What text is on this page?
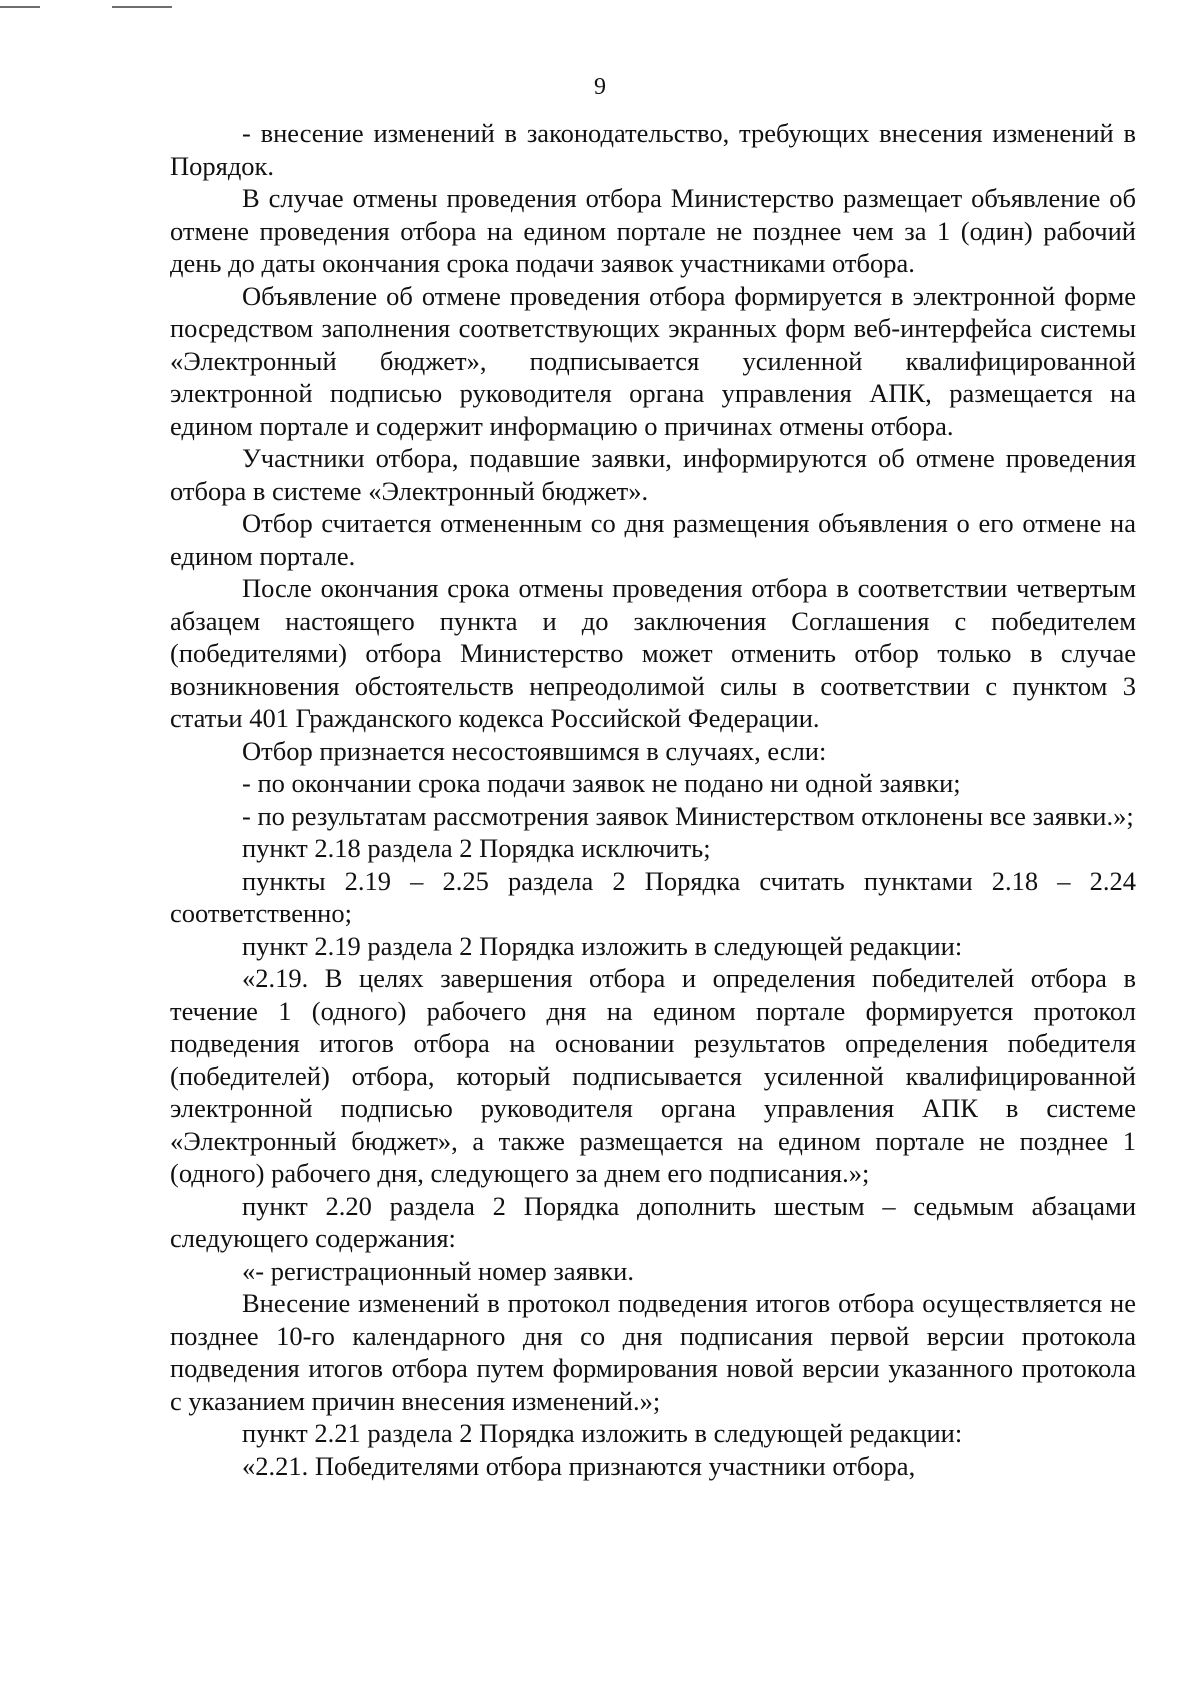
9

- внесение изменений в законодательство, требующих внесения изменений в Порядок.

В случае отмены проведения отбора Министерство размещает объявление об отмене проведения отбора на едином портале не позднее чем за 1 (один) рабочий день до даты окончания срока подачи заявок участниками отбора.

Объявление об отмене проведения отбора формируется в электронной форме посредством заполнения соответствующих экранных форм веб-интерфейса системы «Электронный бюджет», подписывается усиленной квалифицированной электронной подписью руководителя органа управления АПК, размещается на едином портале и содержит информацию о причинах отмены отбора.

Участники отбора, подавшие заявки, информируются об отмене проведения отбора в системе «Электронный бюджет».

Отбор считается отмененным со дня размещения объявления о его отмене на едином портале.

После окончания срока отмены проведения отбора в соответствии четвертым абзацем настоящего пункта и до заключения Соглашения с победителем (победителями) отбора Министерство может отменить отбор только в случае возникновения обстоятельств непреодолимой силы в соответствии с пунктом 3 статьи 401 Гражданского кодекса Российской Федерации.

Отбор признается несостоявшимся в случаях, если:

- по окончании срока подачи заявок не подано ни одной заявки;

- по результатам рассмотрения заявок Министерством отклонены все заявки.»;

пункт 2.18 раздела 2 Порядка исключить;

пункты 2.19 – 2.25 раздела 2 Порядка считать пунктами 2.18 – 2.24 соответственно;

пункт 2.19 раздела 2 Порядка изложить в следующей редакции:

«2.19. В целях завершения отбора и определения победителей отбора в течение 1 (одного) рабочего дня на едином портале формируется протокол подведения итогов отбора на основании результатов определения победителя (победителей) отбора, который подписывается усиленной квалифицированной электронной подписью руководителя органа управления АПК в системе «Электронный бюджет», а также размещается на едином портале не позднее 1 (одного) рабочего дня, следующего за днем его подписания.»;

пункт 2.20 раздела 2 Порядка дополнить шестым – седьмым абзацами следующего содержания:

«- регистрационный номер заявки.

Внесение изменений в протокол подведения итогов отбора осуществляется не позднее 10-го календарного дня со дня подписания первой версии протокола подведения итогов отбора путем формирования новой версии указанного протокола с указанием причин внесения изменений.»;

пункт 2.21 раздела 2 Порядка изложить в следующей редакции:

«2.21. Победителями отбора признаются участники отбора,
